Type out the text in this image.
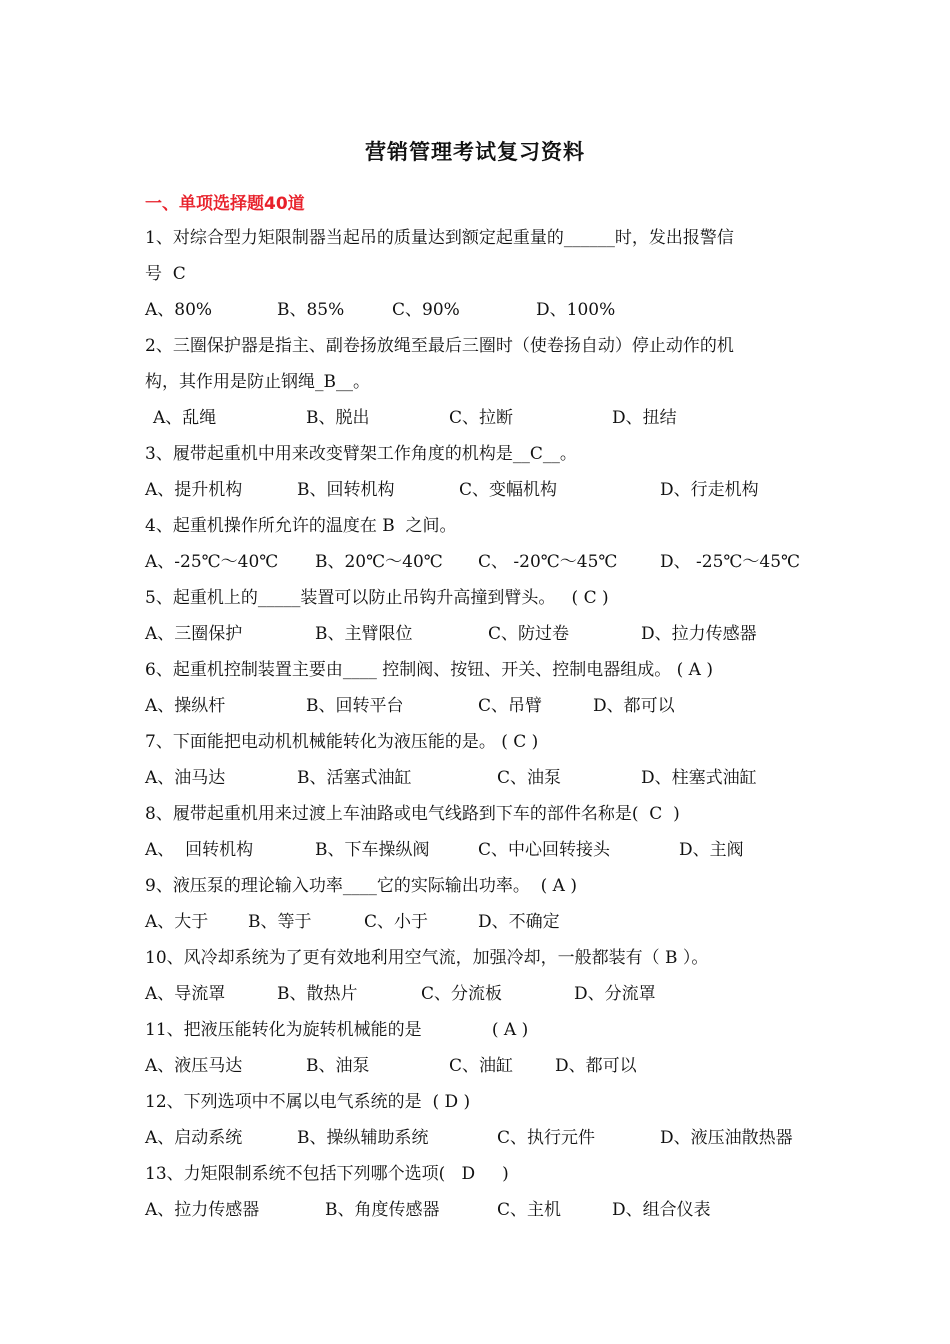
营销管理考试复习资料
一、单项选择题40道
1、对综合型力矩限制器当起吊的质量达到额定起重量的______时，发出报警信
号  C
A、80%	B、85%	C、90%	D、100%
2、三圈保护器是指主、副卷扬放绳至最后三圈时（使卷扬自动）停止动作的机
构，其作用是防止钢绳_B__。
A、乱绳	B、脱出	C、拉断	D、扭结
3、履带起重机中用来改变臂架工作角度的机构是__C__。
A、提升机构	B、回转机构	C、变幅机构	D、行走机构
4、起重机操作所允许的温度在 B  之间。
A、-25℃～40℃ B、20℃～40℃ C、 -20℃～45℃	D、 -25℃～45℃
5、起重机上的_____装置可以防止吊钩升高撞到臂头。   ( C )
A、三圈保护	B、主臂限位	C、防过卷	D、拉力传感器
6、起重机控制装置主要由____ 控制阀、按钮、开关、控制电器组成。 ( A )
A、操纵杆	B、回转平台	C、吊臂	D、都可以
7、下面能把电动机机械能转化为液压能的是。 ( C )
A、油马达	B、活塞式油缸	C、油泵	D、柱塞式油缸
8、履带起重机用来过渡上车油路或电气线路到下车的部件名称是(  C  )
A、  回转机构	B、下车操纵阀	C、中心回转接头	D、主阀
9、液压泵的理论输入功率____它的实际输出功率。  ( A )
A、大于 B、等于	C、小于	D、不确定
10、风冷却系统为了更有效地利用空气流，加强冷却，一般都装有（ B ）。
A、导流罩	B、散热片	C、分流板	D、分流罩
11、把液压能转化为旋转机械能的是             ( A )
A、液压马达	B、油泵	C、油缸 D、都可以
12、下列选项中不属以电气系统的是  ( D )
A、启动系统	B、操纵辅助系统	C、执行元件	D、液压油散热器
13、力矩限制系统不包括下列哪个选项(   D     )
A、拉力传感器	B、角度传感器	C、主机	D、组合仪表
